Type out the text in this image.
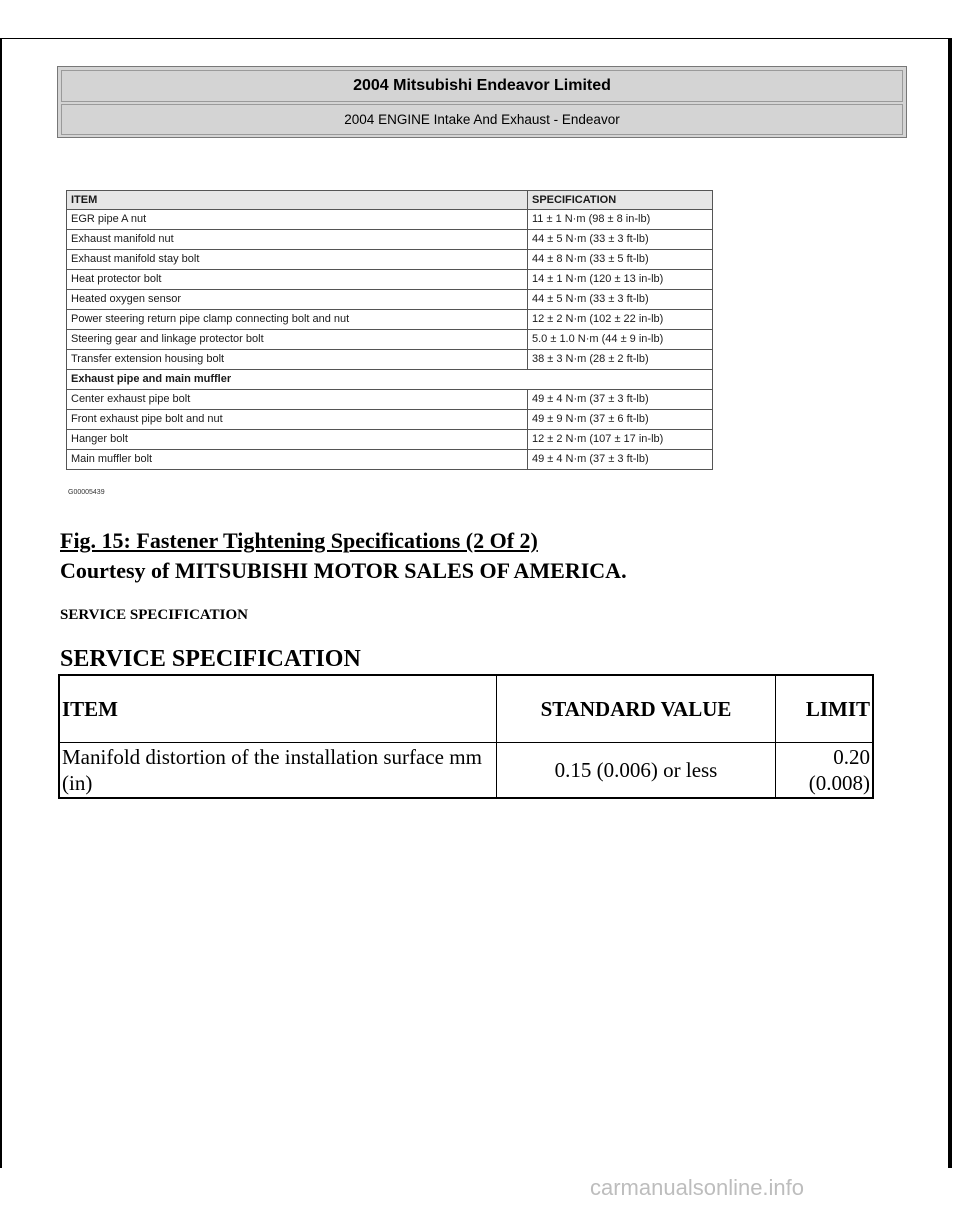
2004 Mitsubishi Endeavor Limited
2004 ENGINE Intake And Exhaust - Endeavor
ITEM	SPECIFICATION
EGR pipe A nut	11 ± 1 N·m (98 ± 8 in-lb)
Exhaust manifold nut	44 ± 5 N·m (33 ± 3 ft-lb)
Exhaust manifold stay bolt	44 ± 8 N·m (33 ± 5 ft-lb)
Heat protector bolt	14 ± 1 N·m (120 ± 13 in-lb)
Heated oxygen sensor	44 ± 5 N·m (33 ± 3 ft-lb)
Power steering return pipe clamp connecting bolt and nut	12 ± 2 N·m (102 ± 22 in-lb)
Steering gear and linkage protector bolt	5.0 ± 1.0 N·m (44 ± 9 in-lb)
Transfer extension housing bolt	38 ± 3 N·m (28 ± 2 ft-lb)
Exhaust pipe and main muffler	
Center exhaust pipe bolt	49 ± 4 N·m (37 ± 3 ft-lb)
Front exhaust pipe bolt and nut	49 ± 9 N·m (37 ± 6 ft-lb)
Hanger bolt	12 ± 2 N·m (107 ± 17 in-lb)
Main muffler bolt	49 ± 4 N·m (37 ± 3 ft-lb)
G00005439
Fig. 15: Fastener Tightening Specifications (2 Of 2)
Courtesy of MITSUBISHI MOTOR SALES OF AMERICA.
SERVICE SPECIFICATION
SERVICE SPECIFICATION
ITEM	STANDARD VALUE	LIMIT
Manifold distortion of the installation surface mm (in)	0.15 (0.006) or less	0.20 (0.008)
carmanualsonline.info
